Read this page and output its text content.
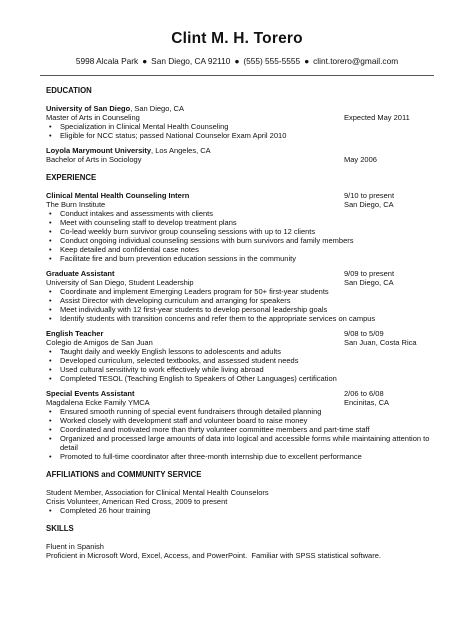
Clint M. H. Torero
5998 Alcala Park ● San Diego, CA 92110 ● (555) 555-5555 ● clint.torero@gmail.com
EDUCATION
University of San Diego, San Diego, CA
Master of Arts in Counseling	Expected May 2011
• Specialization in Clinical Mental Health Counseling
• Eligible for NCC status; passed National Counselor Exam April 2010
Loyola Marymount University, Los Angeles, CA
Bachelor of Arts in Sociology	May 2006
EXPERIENCE
Clinical Mental Health Counseling Intern	9/10 to present
The Burn Institute	San Diego, CA
• Conduct intakes and assessments with clients
• Meet with counseling staff to develop treatment plans
• Co-lead weekly burn survivor group counseling sessions with up to 12 clients
• Conduct ongoing individual counseling sessions with burn survivors and family members
• Keep detailed and confidential case notes
• Facilitate fire and burn prevention education sessions in the community
Graduate Assistant	9/09 to present
University of San Diego, Student Leadership	San Diego, CA
• Coordinate and implement Emerging Leaders program for 50+ first-year students
• Assist Director with developing curriculum and arranging for speakers
• Meet individually with 12 first-year students to develop personal leadership goals
• Identify students with transition concerns and refer them to the appropriate services on campus
English Teacher	9/08 to 5/09
Colegio de Amigos de San Juan	San Juan, Costa Rica
• Taught daily and weekly English lessons to adolescents and adults
• Developed curriculum, selected textbooks, and assessed student needs
• Used cultural sensitivity to work effectively while living abroad
• Completed TESOL (Teaching English to Speakers of Other Languages) certification
Special Events Assistant	2/06 to 6/08
Magdalena Ecke Family YMCA	Encinitas, CA
• Ensured smooth running of special event fundraisers through detailed planning
• Worked closely with development staff and volunteer board to raise money
• Coordinated and motivated more than thirty volunteer committee members and part-time staff
• Organized and processed large amounts of data into logical and accessible forms while maintaining attention to detail
• Promoted to full-time coordinator after three-month internship due to excellent performance
AFFILIATIONS and COMMUNITY SERVICE
Student Member, Association for Clinical Mental Health Counselors
Crisis Volunteer, American Red Cross, 2009 to present
• Completed 26 hour training
SKILLS
Fluent in Spanish
Proficient in Microsoft Word, Excel, Access, and PowerPoint.  Familiar with SPSS statistical software.
